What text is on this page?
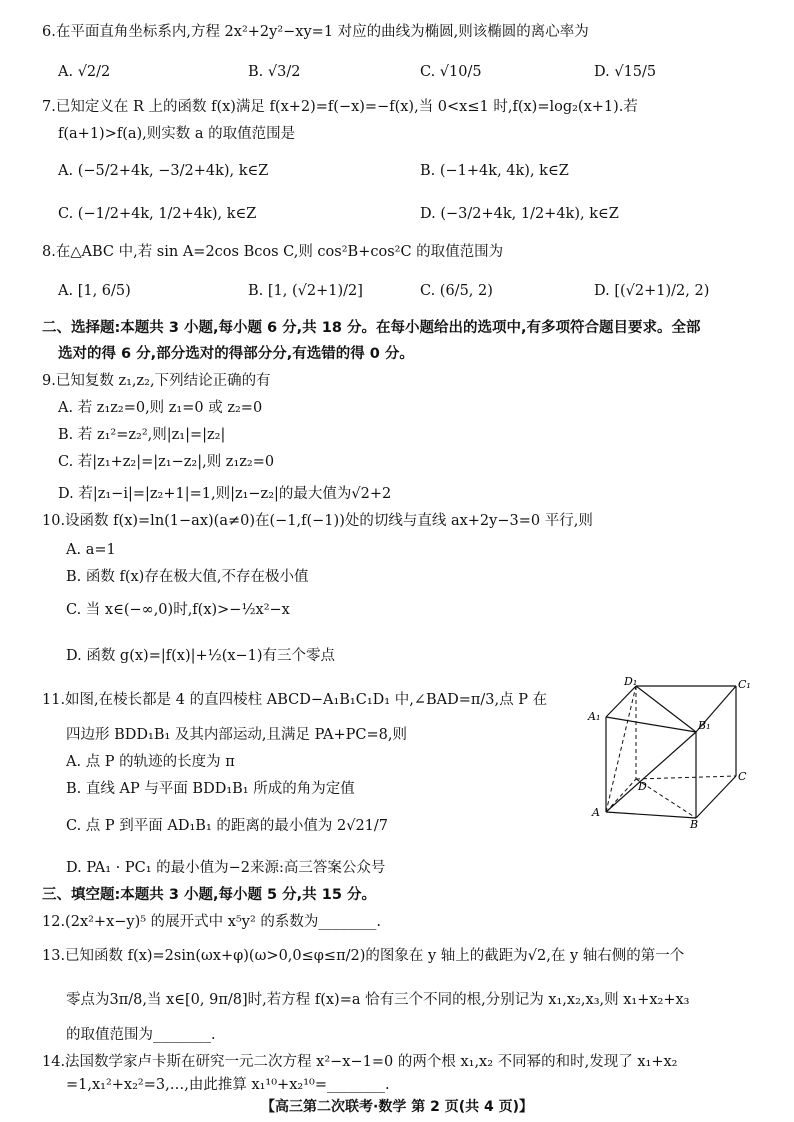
6.在平面直角坐标系内,方程 2x²+2y²−xy=1 对应的曲线为椭圆,则该椭圆的离心率为
A. √2/2	B. √3/2	C. √10/5	D. √15/5
7.已知定义在 R 上的函数 f(x)满足 f(x+2)=f(−x)=−f(x),当 0<x≤1 时,f(x)=log₂(x+1).若
f(a+1)>f(a),则实数 a 的取值范围是
A. (−5/2+4k, −3/2+4k), k∈Z	B. (−1+4k, 4k), k∈Z
C. (−1/2+4k, 1/2+4k), k∈Z	D. (−3/2+4k, 1/2+4k), k∈Z
8.在△ABC 中,若 sin A=2cos Bcos C,则 cos²B+cos²C 的取值范围为
A. [1, 6/5)	B. [1, (√2+1)/2]	C. (6/5, 2)	D. [(√2+1)/2, 2)
二、选择题:本题共 3 小题,每小题 6 分,共 18 分。在每小题给出的选项中,有多项符合题目要求。全部
选对的得 6 分,部分选对的得部分分,有选错的得 0 分。
9.已知复数 z₁,z₂,下列结论正确的有
A. 若 z₁z₂=0,则 z₁=0 或 z₂=0
B. 若 z₁²=z₂²,则|z₁|=|z₂|
C. 若|z₁+z₂|=|z₁−z₂|,则 z₁z₂=0
D. 若|z₁−i|=|z₂+1|=1,则|z₁−z₂|的最大值为√2+2
10.设函数 f(x)=ln(1−ax)(a≠0)在(−1,f(−1))处的切线与直线 ax+2y−3=0 平行,则
A. a=1
B. 函数 f(x)存在极大值,不存在极小值
C. 当 x∈(−∞,0)时,f(x)>−½x²−x
D. 函数 g(x)=|f(x)|+½(x−1)有三个零点
11.如图,在棱长都是 4 的直四棱柱 ABCD−A₁B₁C₁D₁ 中,∠BAD=π/3,点 P 在
四边形 BDD₁B₁ 及其内部运动,且满足 PA+PC=8,则
A. 点 P 的轨迹的长度为 π
B. 直线 AP 与平面 BDD₁B₁ 所成的角为定值
C. 点 P 到平面 AD₁B₁ 的距离的最小值为 2√21/7
D. PA₁ · PC₁ 的最小值为−2来源:高三答案公众号
D₁	C₁
A₁
B₁
D
C
A
B
三、填空题:本题共 3 小题,每小题 5 分,共 15 分。
12.(2x²+x−y)⁵ 的展开式中 x⁵y² 的系数为________.
13.已知函数 f(x)=2sin(ωx+φ)(ω>0,0≤φ≤π/2)的图象在 y 轴上的截距为√2,在 y 轴右侧的第一个
零点为3π/8,当 x∈[0, 9π/8]时,若方程 f(x)=a 恰有三个不同的根,分别记为 x₁,x₂,x₃,则 x₁+x₂+x₃
的取值范围为________.
14.法国数学家卢卡斯在研究一元二次方程 x²−x−1=0 的两个根 x₁,x₂ 不同幂的和时,发现了 x₁+x₂
=1,x₁²+x₂²=3,…,由此推算 x₁¹⁰+x₂¹⁰=________.
【高三第二次联考·数学 第 2 页(共 4 页)】
